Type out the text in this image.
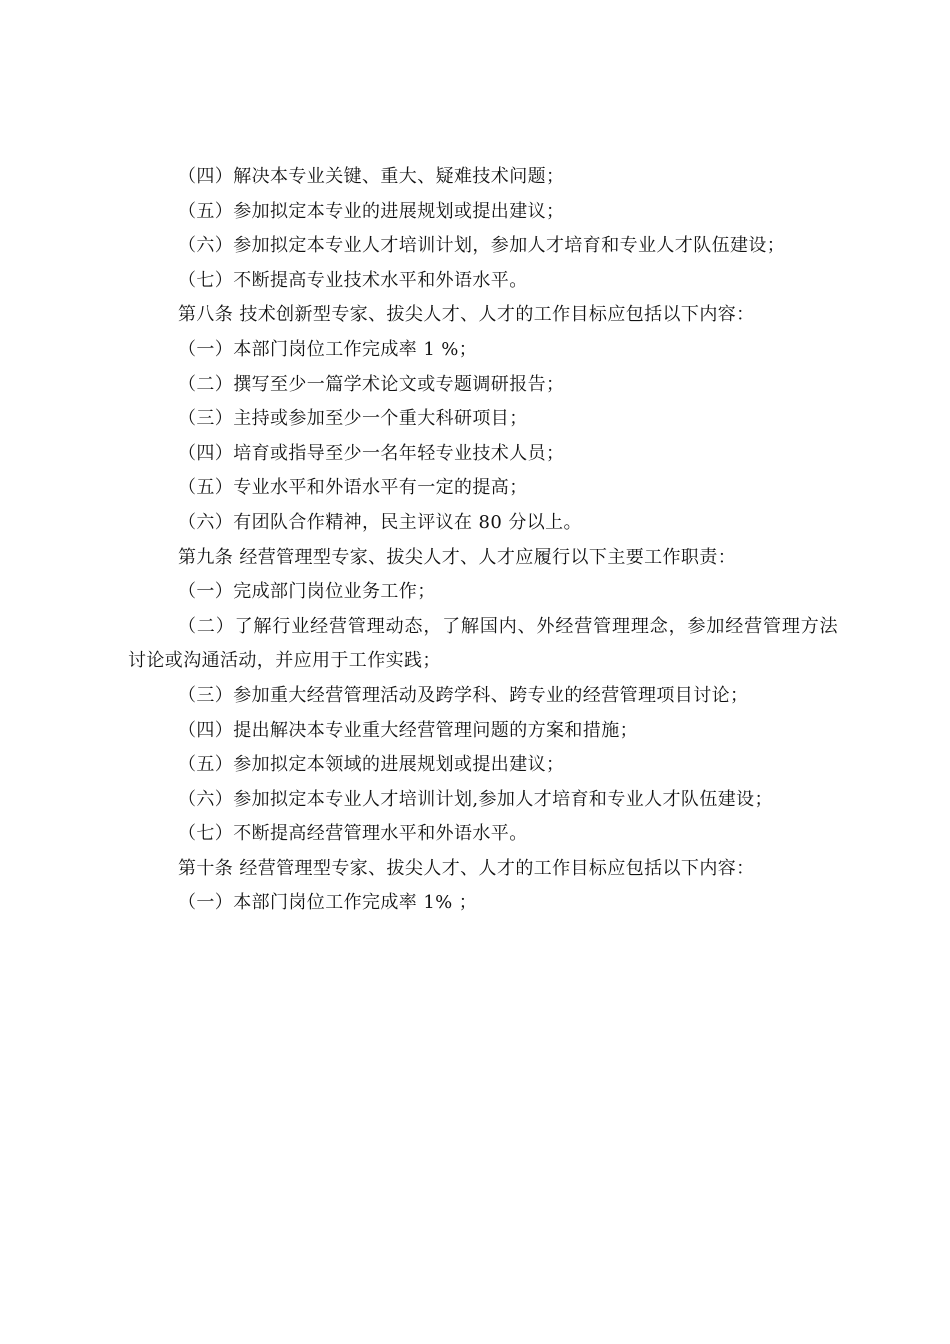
（四）解决本专业关键、重大、疑难技术问题；

（五）参加拟定本专业的进展规划或提出建议；

（六）参加拟定本专业人才培训计划，参加人才培育和专业人才队伍建设；

（七）不断提高专业技术水平和外语水平。

第八条 技术创新型专家、拔尖人才、人才的工作目标应包括以下内容：

（一）本部门岗位工作完成率 1 %；

（二）撰写至少一篇学术论文或专题调研报告；

（三）主持或参加至少一个重大科研项目；

（四）培育或指导至少一名年轻专业技术人员；

（五）专业水平和外语水平有一定的提高；

（六）有团队合作精神，民主评议在 80 分以上。

第九条 经营管理型专家、拔尖人才、人才应履行以下主要工作职责：

（一）完成部门岗位业务工作；

（二）了解行业经营管理动态，了解国内、外经营管理理念，参加经营管理方法讨论或沟通活动，并应用于工作实践；

（三）参加重大经营管理活动及跨学科、跨专业的经营管理项目讨论；

（四）提出解决本专业重大经营管理问题的方案和措施；

（五）参加拟定本领域的进展规划或提出建议；

（六）参加拟定本专业人才培训计划,参加人才培育和专业人才队伍建设；

（七）不断提高经营管理水平和外语水平。

第十条 经营管理型专家、拔尖人才、人才的工作目标应包括以下内容：

（一）本部门岗位工作完成率 1% ；
